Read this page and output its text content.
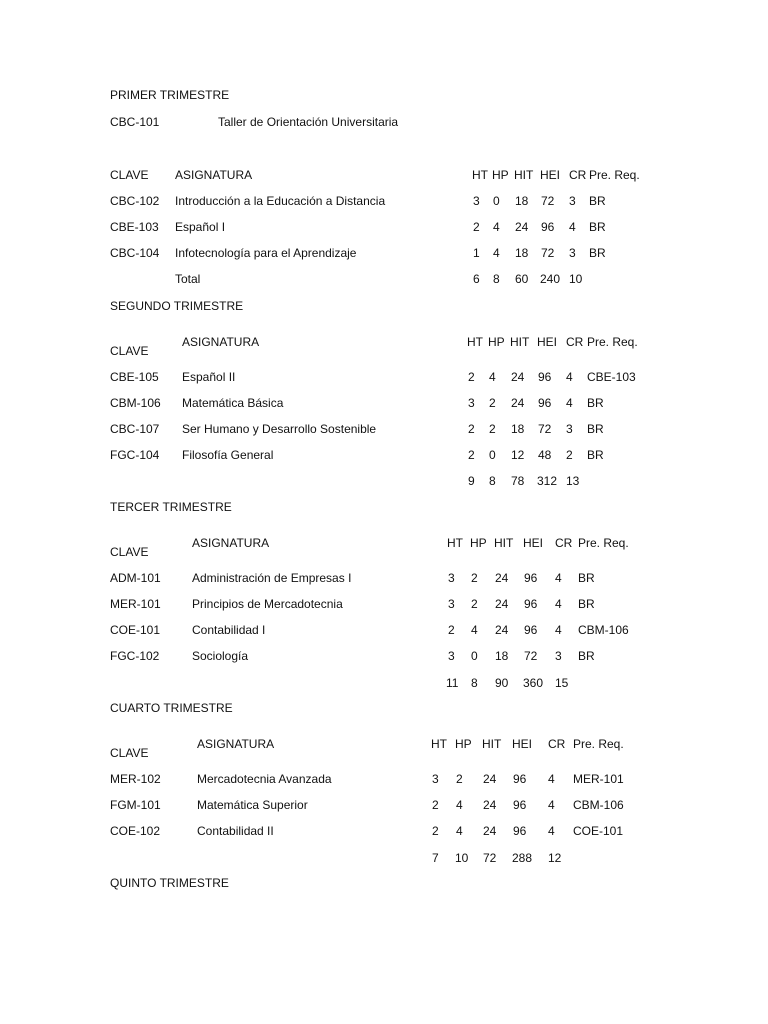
PRIMER TRIMESTRE
CBC-101	Taller de Orientación Universitaria
CLAVE ASIGNATURA	HT HP HIT HEI CR Pre. Req.
CBC-102 Introducción a la Educación a Distancia	3 0 18 72 3 BR
CBE-103 Español I	2 4 24 96 4 BR
CBC-104 Infotecnología para el Aprendizaje	1 4 18 72 3 BR
Total	6 8 60 240 10
SEGUNDO TRIMESTRE
CLAVE
ASIGNATURA	HT HP HIT HEI CR Pre. Req.
CBE-105 Español II	2 4 24 96 4 CBE-103
CBM-106 Matemática Básica	3 2 24 96 4 BR
CBC-107 Ser Humano y Desarrollo Sostenible	2 2 18 72 3 BR
FGC-104 Filosofía General	2 0 12 48 2 BR
9 8 78 312 13
TERCER TRIMESTRE
CLAVE
ASIGNATURA	HT HP HIT HEI CR Pre. Req.
ADM-101	Administración de Empresas I	3 2 24 96 4 BR
MER-101	Principios de Mercadotecnia	3 2 24 96 4 BR
COE-101	Contabilidad I	2 4 24 96 4 CBM-106
FGC-102	Sociología	3 0 18 72 3 BR
11 8 90 360 15
CUARTO TRIMESTRE
CLAVE
ASIGNATURA	HT HP HIT HEI CR Pre. Req.
MER-102	Mercadotecnia Avanzada	3 2 24 96 4 MER-101
FGM-101	Matemática Superior	2 4 24 96 4 CBM-106
COE-102	Contabilidad II	2 4 24 96 4 COE-101
7 10 72 288 12
QUINTO TRIMESTRE
